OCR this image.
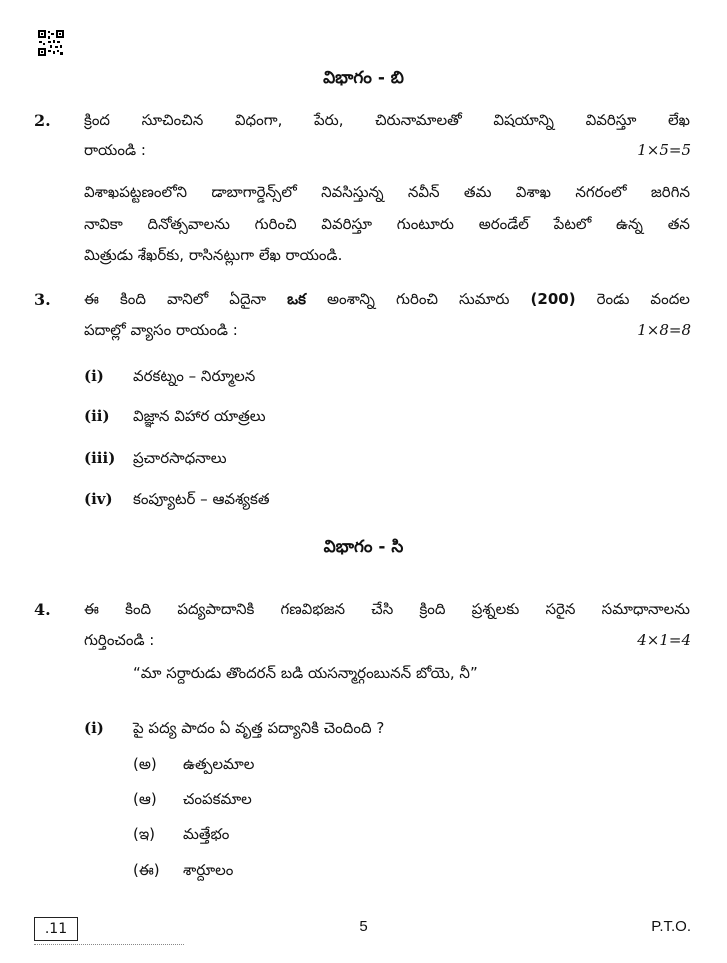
విభాగం - బి
2. క్రింద సూచించిన విధంగా, పేరు, చిరునామాలతో విషయాన్ని వివరిస్తూ లేఖ
రాయండి :	1×5=5
విశాఖపట్టణంలోని డాబాగార్డెన్స్‌లో నివసిస్తున్న నవీన్ తమ విశాఖ నగరంలో జరిగిన
నావికా దినోత్సవాలను గురించి వివరిస్తూ గుంటూరు అరండేల్ పేటలో ఉన్న తన
మిత్రుడు శేఖర్‌కు, రాసినట్లుగా లేఖ రాయండి.
3. ఈ కింది వానిలో ఏదైనా ఒక అంశాన్ని గురించి సుమారు (200) రెండు వందల
పదాల్లో వ్యాసం రాయండి :	1×8=8
(i) వరకట్నం – నిర్మూలన
(ii) విజ్ఞాన విహార యాత్రలు
(iii) ప్రచారసాధనాలు
(iv) కంప్యూటర్ – ఆవశ్యకత
విభాగం - సి
4. ఈ కింది పద్యపాదానికి గణవిభజన చేసి క్రింది ప్రశ్నలకు సరైన సమాధానాలను
గుర్తించండి :	4×1=4
“మా సర్దారుడు తొందరన్ బడి యసన్మార్గంబునన్ బోయె, నీ”
(i) పై పద్య పాదం ఏ వృత్త పద్యానికి చెందింది ?
(అ) ఉత్పలమాల
(ఆ) చంపకమాల
(ఇ) మత్తేభం
(ఈ) శార్దూలం
.11	5	P.T.O.
